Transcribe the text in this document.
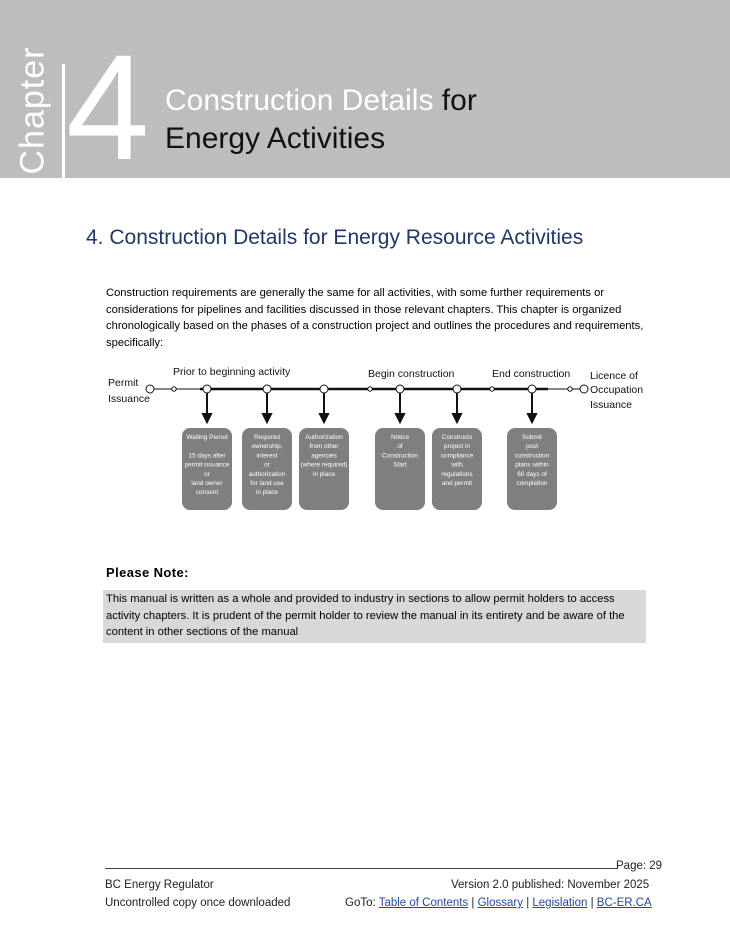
Chapter 4 Construction Details for
Energy Activities
4. Construction Details for Energy Resource Activities

Construction requirements are generally the same for all activities, with some further requirements or considerations for pipelines and facilities discussed in those relevant chapters. This chapter is organized chronologically based on the phases of a construction project and outlines the procedures and requirements, specifically:

Permit
Issuance
Prior to beginning activity	Begin construction	End construction Licence of
Occupation
Issuance
Waiting Period
15 days after
permit issuance
or
land owner
consent
Required
ownership,
interest
or
authorization
for land use
in place
Authorization
from other
agencies
(where required)
in place
Notice
of
Construction
Start
Constructs
project in
compliance
with
regulations
and permit
Submit
post
construction
plans within
60 days of
completion
Please Note:
This manual is written as a whole and provided to industry in sections to allow permit holders to access activity chapters. It is prudent of the permit holder to review the manual in its entirety and be aware of the content in other sections of the manual
Page: 29
BC Energy Regulator	Version 2.0 published: November 2025
Uncontrolled copy once downloaded	GoTo: Table of Contents | Glossary | Legislation | BC-ER.CA
